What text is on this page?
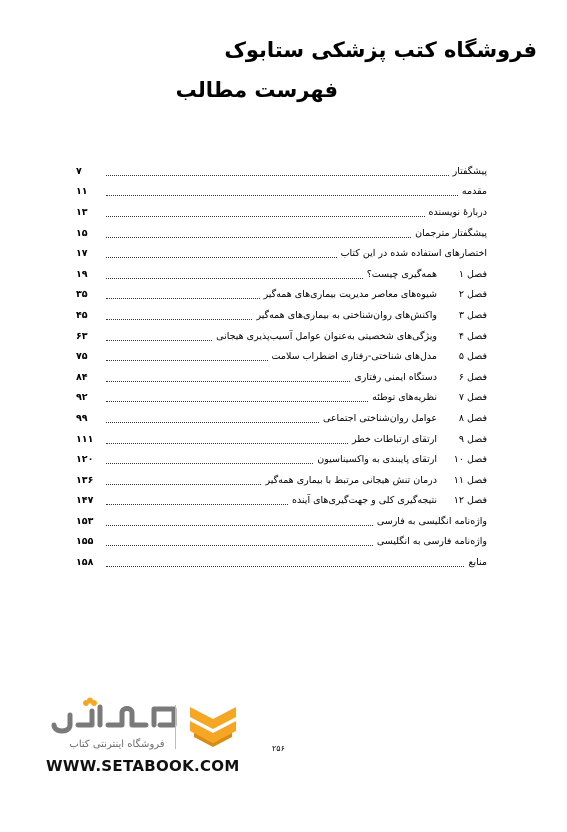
فروشگاه کتب پزشکی ستابوک
فهرست مطالب
پیشگفتار
۷
مقدمه
۱۱
دربارهٔ نویسنده
۱۳
پیشگفتار مترجمان
۱۵
اختصارهای استفاده شده در این کتاب
۱۷
فصل ۱
همه‌گیری چیست؟
۱۹
فصل ۲
شیوه‌های معاصر مدیریت بیماری‌های همه‌گیر
۳۵
فصل ۳
واکنش‌های روان‌شناختی به بیماری‌های همه‌گیر
۴۵
فصل ۴
ویژگی‌های شخصیتی به‌عنوان عوامل آسیب‌پذیری هیجانی
۶۳
فصل ۵
مدل‌های شناختی-رفتاری اضطراب سلامت
۷۵
فصل ۶
دستگاه ایمنی رفتاری
۸۴
فصل ۷
نظریه‌های توطئه
۹۲
فصل ۸
عوامل روان‌شناختی اجتماعی
۹۹
فصل ۹
ارتقای ارتباطات خطر
۱۱۱
فصل ۱۰
ارتقای پایبندی به واکسیناسیون
۱۲۰
فصل ۱۱
درمان تنش هیجانی مرتبط با بیماری همه‌گیر
۱۳۶
فصل ۱۲
نتیجه‌گیری کلی و جهت‌گیری‌های آینده
۱۴۷
واژه‌نامه انگلیسی به فارسی
۱۵۳
واژه‌نامه فارسی به انگلیسی
۱۵۵
منابع
۱۵۸
۲۵۶
فروشگاه اینترنتی کتاب
WWW.SETABOOK.COM
